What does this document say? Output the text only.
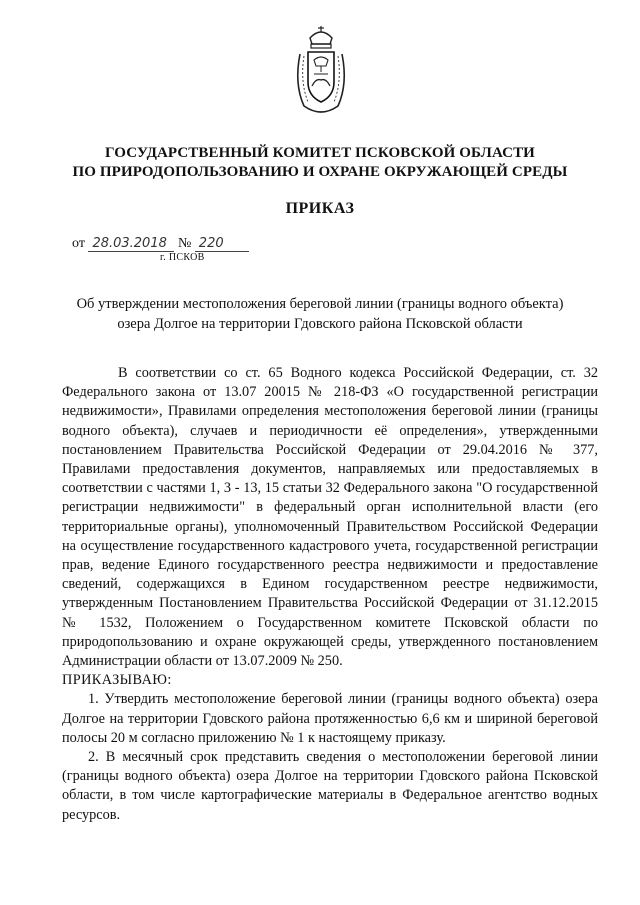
ГОСУДАРСТВЕННЫЙ КОМИТЕТ ПСКОВСКОЙ ОБЛАСТИ
ПО ПРИРОДОПОЛЬЗОВАНИЮ И ОХРАНЕ ОКРУЖАЮЩЕЙ СРЕДЫ
ПРИКАЗ
от 28.03.2018 № 220
г. ПСКОВ
Об утверждении местоположения береговой линии (границы водного объекта)
озера Долгое на территории Гдовского района Псковской области

В соответствии со ст. 65 Водного кодекса Российской Федерации, ст. 32 Федерального закона от 13.07 20015 № 218-ФЗ «О государственной регистрации недвижимости», Правилами определения местоположения береговой линии (границы водного объекта), случаев и периодичности её определения», утвержденными постановлением Правительства Российской Федерации от 29.04.2016 № 377, Правилами предоставления документов, направляемых или предоставляемых в соответствии с частями 1, 3 - 13, 15 статьи 32 Федерального закона "О государственной регистрации недвижимости" в федеральный орган исполнительной власти (его территориальные органы), уполномоченный Правительством Российской Федерации на осуществление государственного кадастрового учета, государственной регистрации прав, ведение Единого государственного реестра недвижимости и предоставление сведений, содержащихся в Едином государственном реестре недвижимости, утвержденным Постановлением Правительства Российской Федерации от 31.12.2015 № 1532, Положением о Государственном комитете Псковской области по природопользованию и охране окружающей среды, утвержденного постановлением Администрации области от 13.07.2009 № 250.

ПРИКАЗЫВАЮ:

1. Утвердить местоположение береговой линии (границы водного объекта) озера Долгое на территории Гдовского района протяженностью 6,6 км и шириной береговой полосы 20 м согласно приложению № 1 к настоящему приказу.

2. В месячный срок представить сведения о местоположении береговой линии (границы водного объекта) озера Долгое на территории Гдовского района Псковской области, в том числе картографические материалы в Федеральное агентство водных ресурсов.
